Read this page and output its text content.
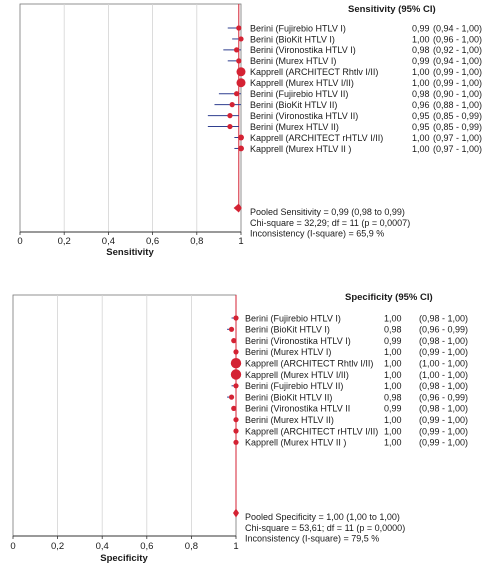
0	0,2	0,4	0,6	0,8	1
Sensitivity
Sensitivity (95% CI)
Berini (Fujirebio HTLV I)	0,99 (0,94 - 1,00)
Berini (BioKit HTLV I)	1,00 (0,96 - 1,00)
Berini (Vironostika HTLV I)	0,98 (0,92 - 1,00)
Berini (Murex HTLV I)	0,99 (0,94 - 1,00)
Kapprell (ARCHITECT Rhtlv I/II)	1,00 (0,99 - 1,00)
Kapprell (Murex HTLV I/II)	1,00 (0,99 - 1,00)
Berini (Fujirebio HTLV II)	0,98 (0,90 - 1,00)
Berini (BioKit HTLV II)	0,96 (0,88 - 1,00)
Berini (Vironostika HTLV II)	0,95 (0,85 - 0,99)
Berini (Murex HTLV II)	0,95 (0,85 - 0,99)
Kapprell (ARCHITECT rHTLV I/II)	1,00 (0,97 - 1,00)
Kapprell (Murex HTLV II )	1,00 (0,97 - 1,00)
Pooled Sensitivity = 0,99 (0,98 to 0,99)
Chi-square = 32,29; df = 11 (p = 0,0007)
Inconsistency (I-square) = 65,9 %
0	0,2	0,4	0,6	0,8	1
Specificity
Specificity (95% CI)
Berini (Fujirebio HTLV I)	1,00 (0,98 - 1,00)
Berini (BioKit HTLV I)	0,98 (0,96 - 0,99)
Berini (Vironostika HTLV I)	0,99 (0,98 - 1,00)
Berini (Murex HTLV I)	1,00 (0,99 - 1,00)
Kapprell (ARCHITECT Rhtlv I/II) 1,00 (1,00 - 1,00)
Kapprell (Murex HTLV I/II)	1,00 (1,00 - 1,00)
Berini (Fujirebio HTLV II)	1,00 (0,98 - 1,00)
Berini (BioKit HTLV II)	0,98 (0,96 - 0,99)
Berini (Vironostika HTLV II	0,99 (0,98 - 1,00)
Berini (Murex HTLV II)	1,00 (0,99 - 1,00)
Kapprell (ARCHITECT rHTLV I/II) 1,00 (0,99 - 1,00)
Kapprell (Murex HTLV II )	1,00 (0,99 - 1,00)
Pooled Specificity = 1,00 (1,00 to 1,00)
Chi-square = 53,61; df = 11 (p = 0,0000)
Inconsistency (I-square) = 79,5 %
